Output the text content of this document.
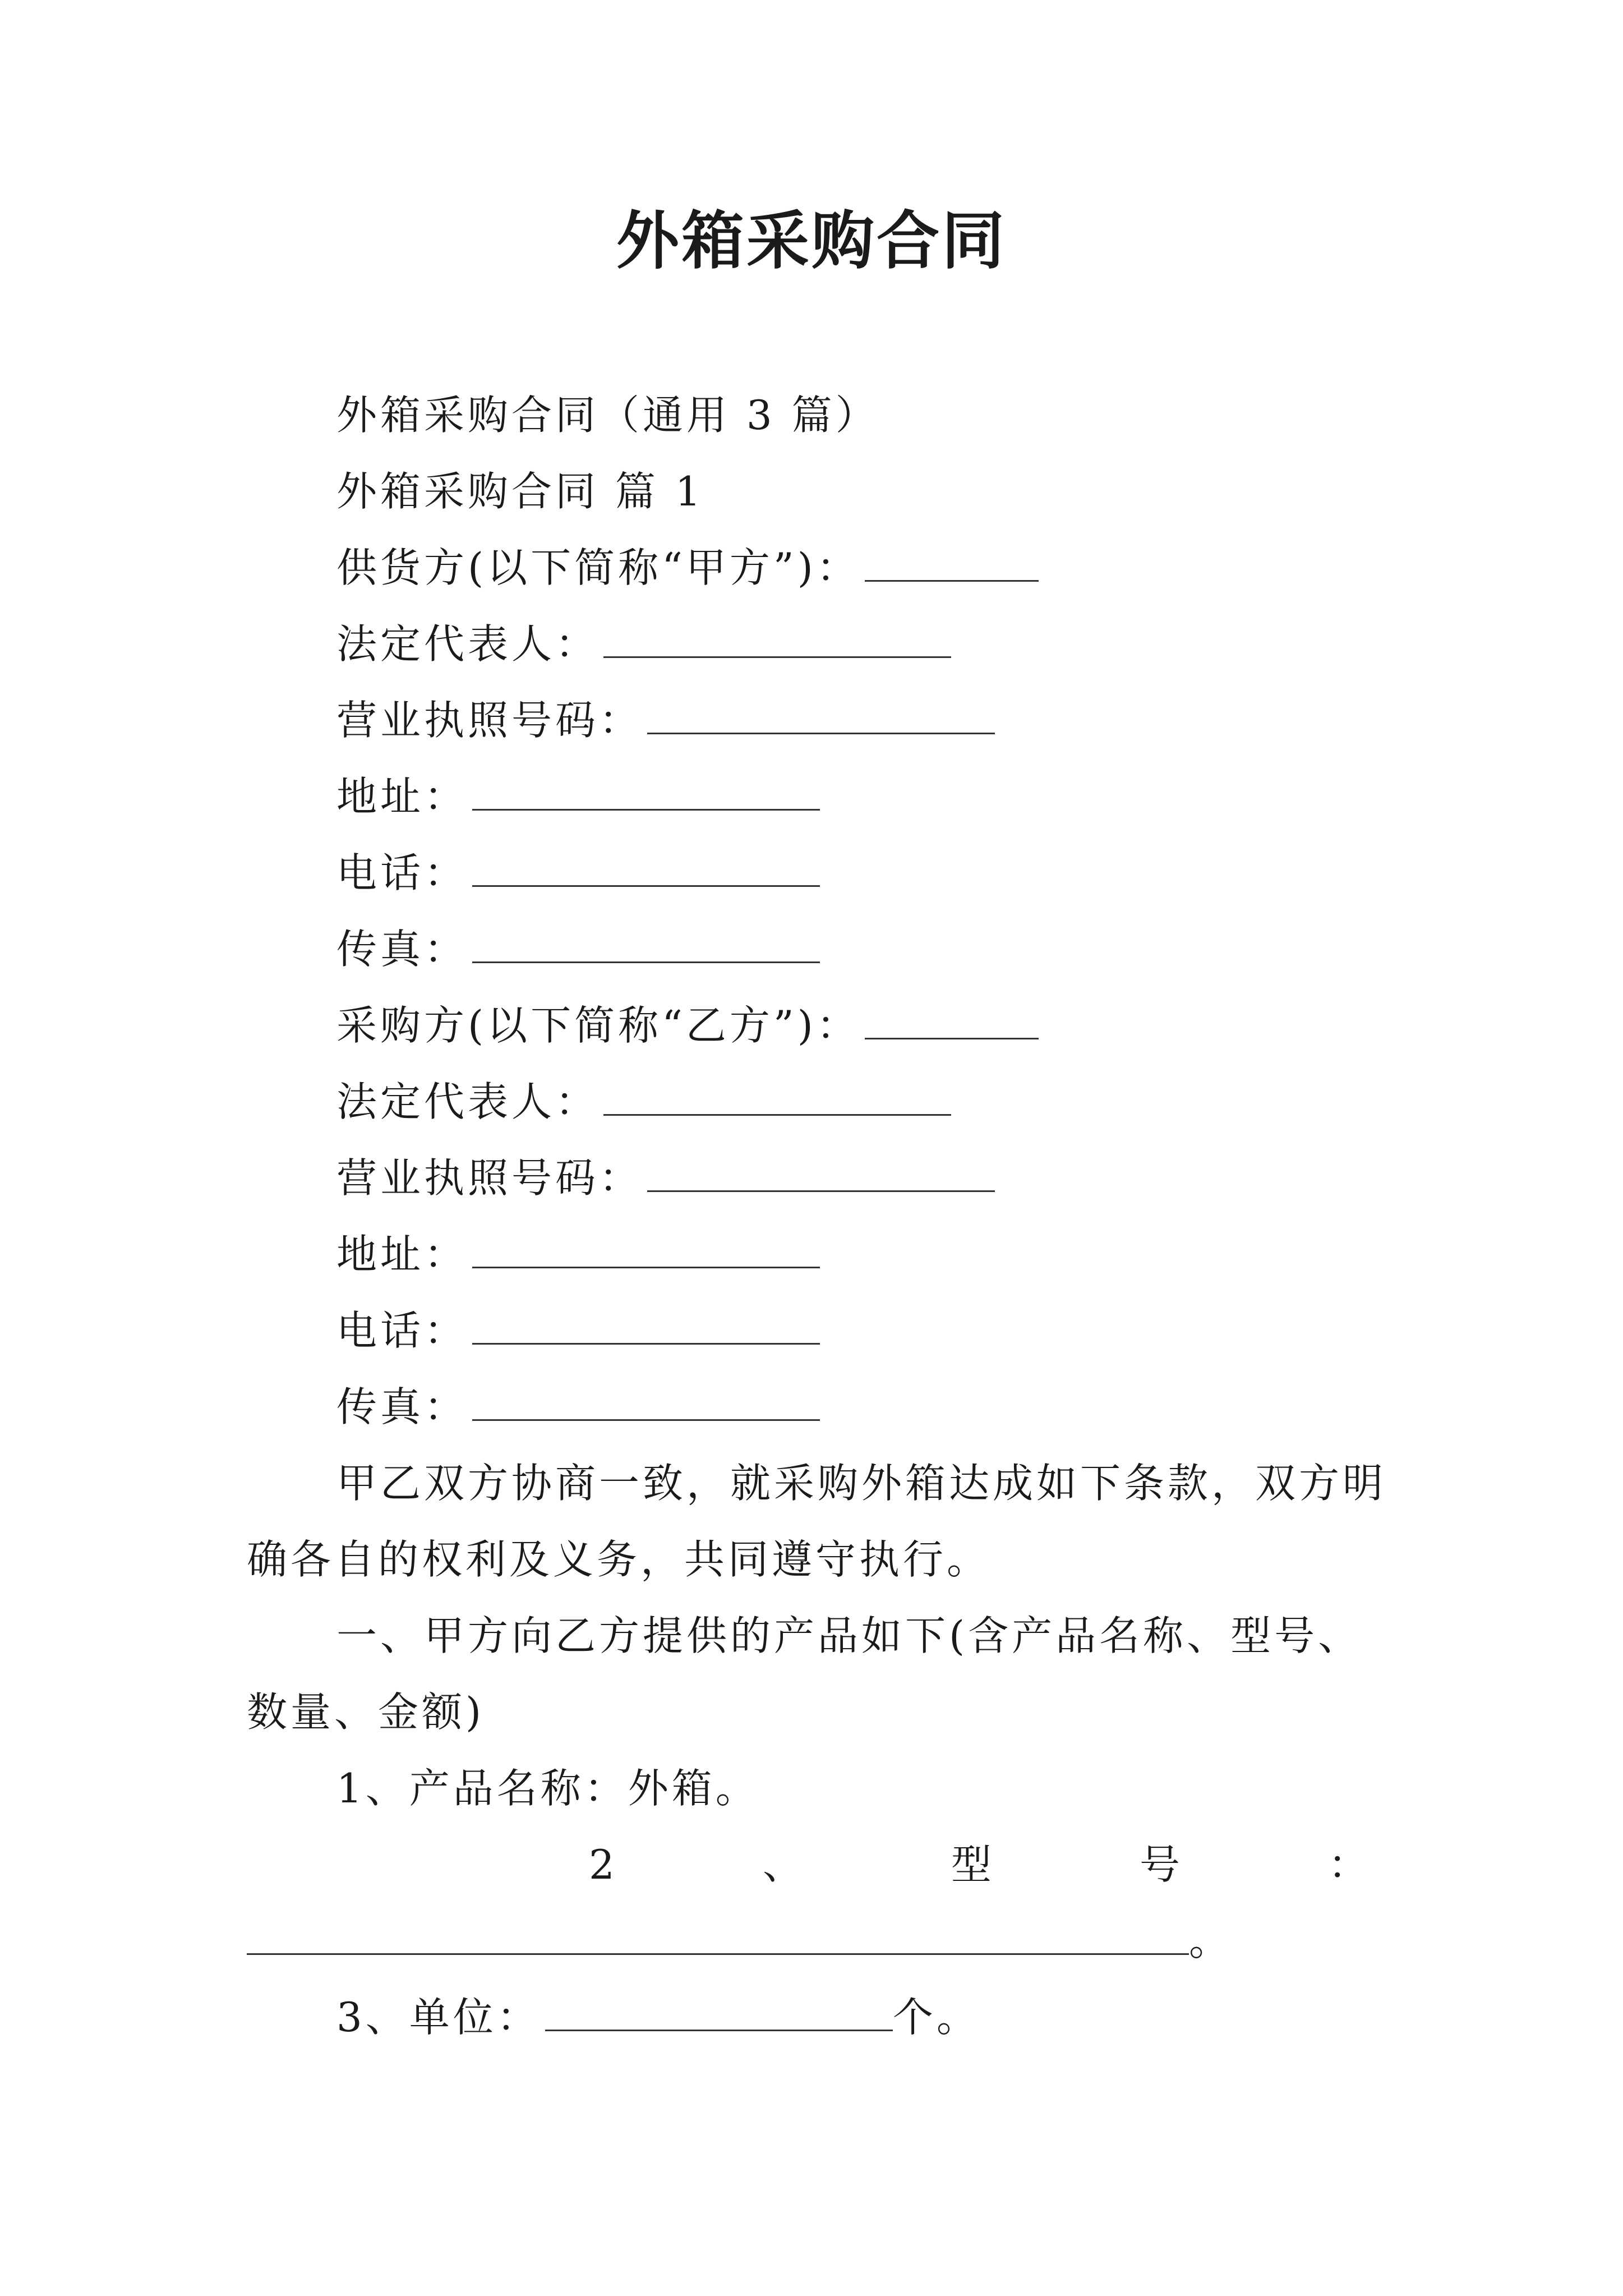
外箱采购合同
外箱采购合同（通用 3 篇）
外箱采购合同 篇 1
供货方(以下简称“甲方”)：
法定代表人：
营业执照号码：
地址：
电话：
传真：
采购方(以下简称“乙方”)：
法定代表人：
营业执照号码：
地址：
电话：
传真：
甲乙双方协商一致，就采购外箱达成如下条款，双方明
确各自的权利及义务，共同遵守执行。
一、甲方向乙方提供的产品如下(含产品名称、型号、
数量、金额)
1、产品名称：外箱。
2	、	型	号	：
。
3、单位：	个。
